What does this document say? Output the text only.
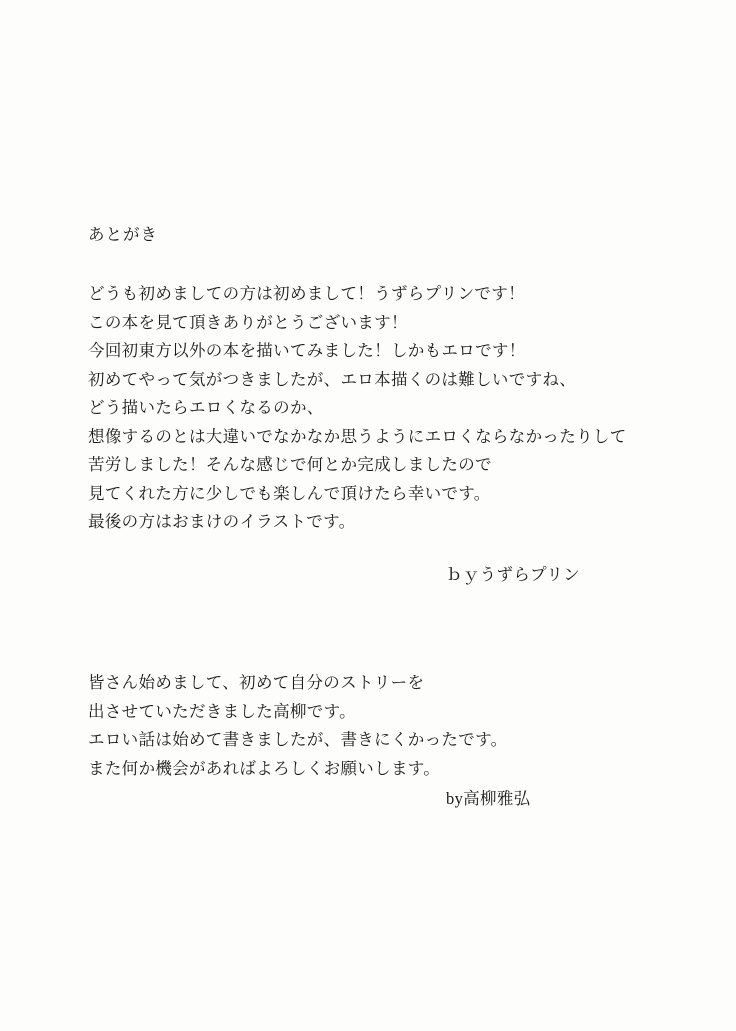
あとがき
どうも初めましての方は初めまして！うずらプリンです！
この本を見て頂きありがとうございます！
今回初東方以外の本を描いてみました！しかもエロです！
初めてやって気がつきましたが、エロ本描くのは難しいですね、
どう描いたらエロくなるのか、
想像するのとは大違いでなかなか思うようにエロくならなかったりして
苦労しました！そんな感じで何とか完成しましたので
見てくれた方に少しでも楽しんで頂けたら幸いです。
最後の方はおまけのイラストです。
ｂｙうずらプリン
皆さん始めまして、初めて自分のストリーを
出させていただきました高柳です。
エロい話は始めて書きましたが、書きにくかったです。
また何か機会があればよろしくお願いします。
by高柳雅弘
